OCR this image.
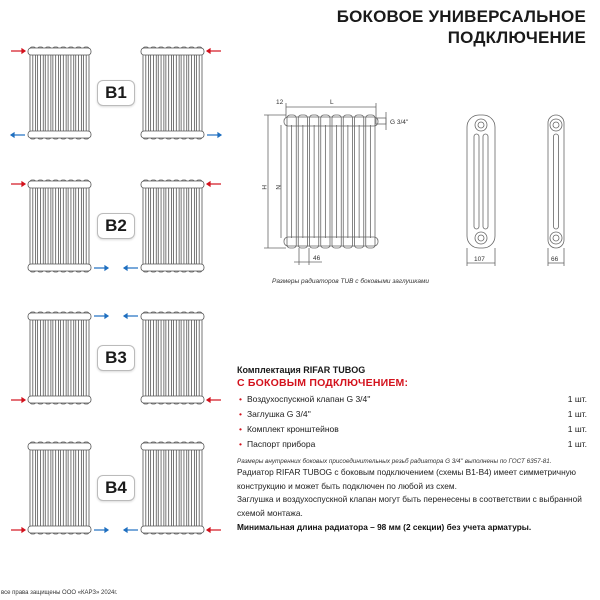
БОКОВОЕ УНИВЕРСАЛЬНОЕ
ПОДКЛЮЧЕНИЕ
B1
B2
B3
B4
12	L
H N
46
G 3/4''
107	66
Размеры радиаторов TUB с боковыми заглушками
Комплектация RIFAR TUBOG
С БОКОВЫМ ПОДКЛЮЧЕНИЕМ:
• Воздухоспускной клапан G 3/4''	1 шт.
• Заглушка G 3/4''	1 шт.
• Комплект кронштейнов	1 шт.
• Паспорт прибора	1 шт.
Размеры внутренних боковых присоединительных резьб радиатора G 3/4'' выполнены по ГОСТ 6357-81.
Радиатор RIFAR TUBOG с боковым подключением (схемы B1-B4) имеет симметричную конструкцию и может быть подключен по любой из схем.
Заглушка и воздухоспускной клапан могут быть перенесены в соответствии с выбранной схемой монтажа.
Минимальная длина радиатора – 98 мм (2 секции) без учета арматуры.
все права защищены ООО «КАРЗ» 2024г.
